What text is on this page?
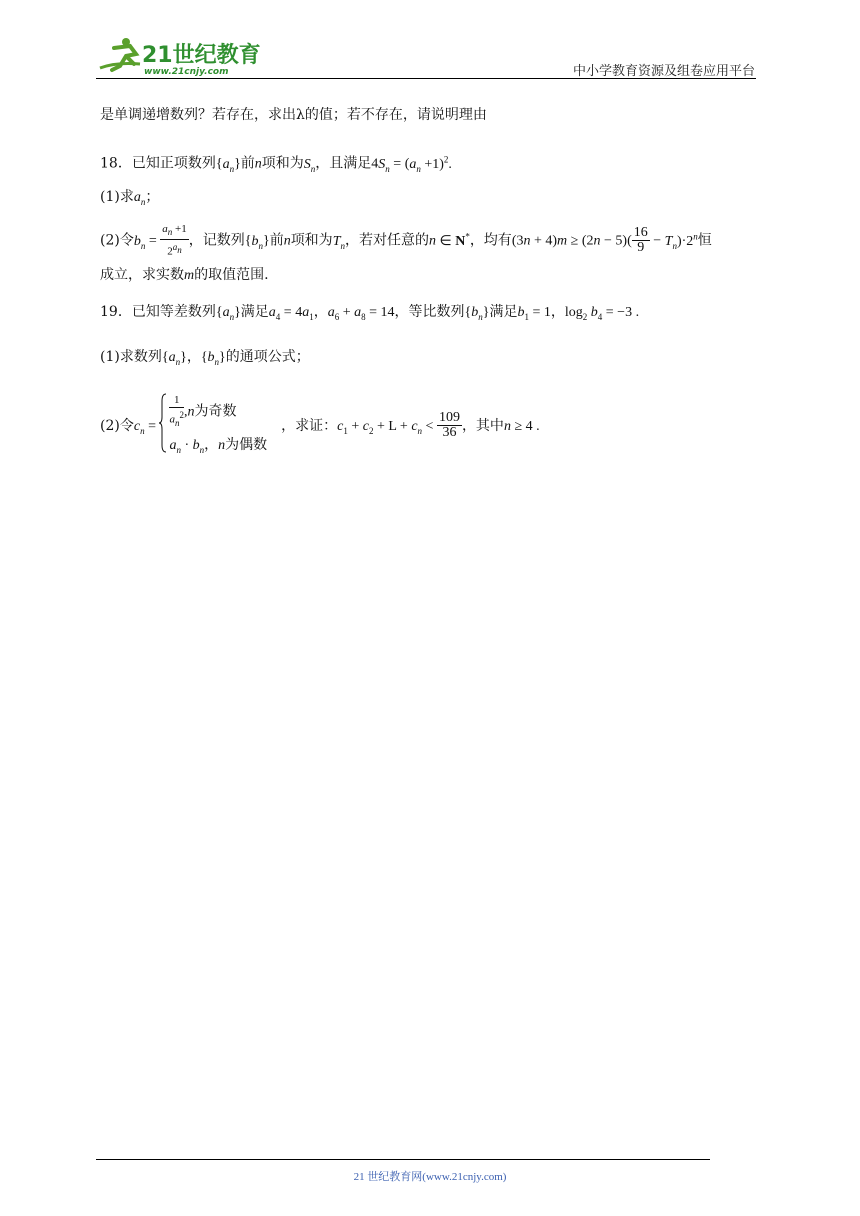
21世纪教育
www.21cnjy.com	中小学教育资源及组卷应用平台
是单调递增数列？若存在，求出λ的值；若不存在，请说明理由
18．已知正项数列$\{a_n\}$前n项和为$S_n$，且满足$4S_n = (a_n +1)^2$.
(1)求$a_n$；
(2)令$b_n = \frac{a_n +1}{2^{a_n}}$ ，记数列$\{b_n\}$前n项和为$T_n$，若对任意的n ∈ N*，均有$(3n + 4)m \ge (2n - 5)( \frac{16}{9} - T_n)\cdot 2^n$恒
成立，求实数m的取值范围.
19．已知等差数列$\{a_n\}$满足$a_4 = 4a_1$，$a_6 + a_8 = 14$，等比数列$\{b_n\}$满足$b_1 = 1$，$\log_2 b_4 = -3$ .
(1)求数列$\{a_n\}$，$\{b_n\}$的通项公式；
(2)令$c_n = \frac{1}{a_n^2} ,n$为奇数
$a_n \cdot b_n$，n为偶数
，求证：$c_1 + c_2 + L + c_n < \frac{109}{36}$ ，其中n ≥ 4 .
21 世纪教育网(www.21cnjy.com)
